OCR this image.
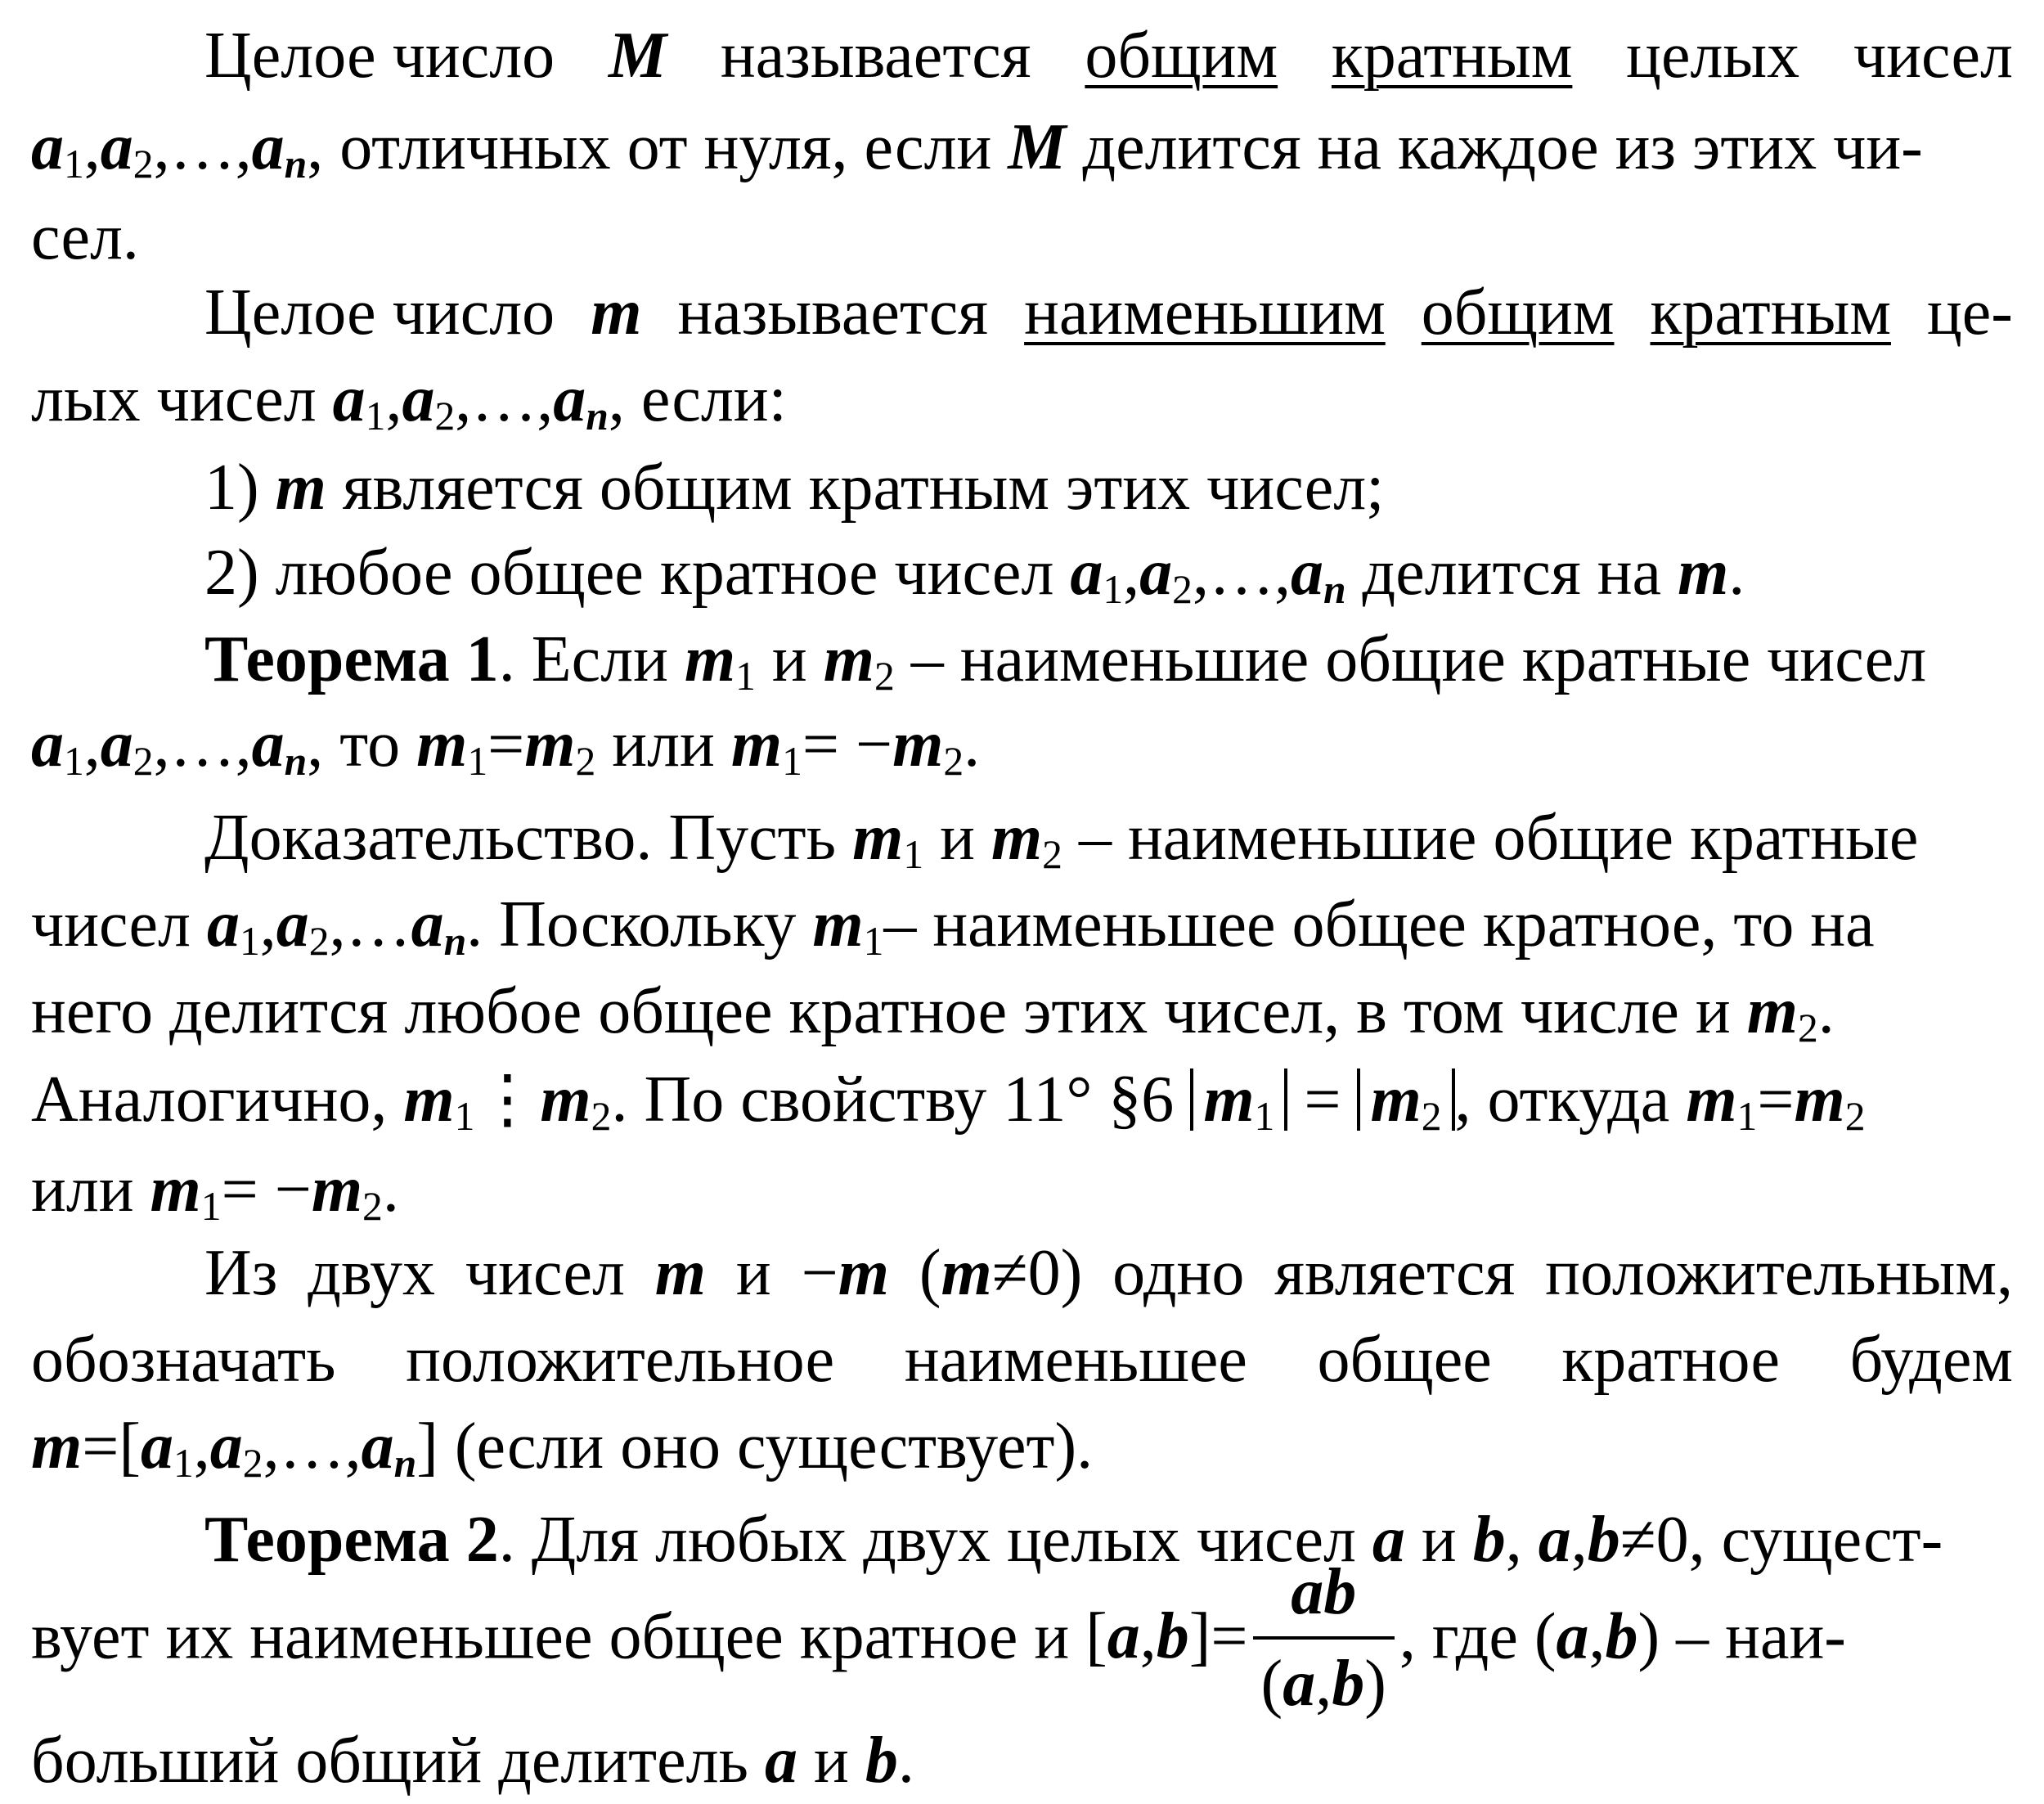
Целое число M называется общим кратным целых чисел
$a_1,a_2,\dots,a_n$, отличных от нуля, если M делится на каждое из этих чи-
сел.
Целое число m называется наименьшим общим кратным це-
лых чисел $a_1,a_2,\dots,a_n$, если:
1) m является общим кратным этих чисел;
2) любое общее кратное чисел $a_1,a_2,\dots,a_n$ делится на m.
Теорема 1. Если $m_1$ и $m_2$ – наименьшие общие кратные чисел
$a_1,a_2,\dots,a_n$, то $m_1=m_2$ или $m_1= -m_2$.
Доказательство. Пусть $m_1$ и $m_2$ – наименьшие общие кратные
чисел $a_1,a_2,\dots a_n$. Поскольку $m_1-$ наименьшее общее кратное, то на
него делится любое общее кратное этих чисел, в том числе и $m_2$.
Аналогично, $m_1⋮m_2$. По свойству 11° §6 $m_1 = m_2$ , откуда $m_1=m_2$
или $m_1= -m_2$.
Из двух чисел m и −m (m≠0) одно является положительным,
обозначать положительное наименьшее общее кратное будем
$m=[a_1,a_2,\dots,a_n]$ (если оно существует).
Теорема 2. Для любых двух целых чисел a и b, a,b≠0, сущест-
вует их наименьшее общее кратное и $[a,b]= \frac{ab}{(a,b)}$ , где (a,b) – наи-
больший общий делитель a и b.
